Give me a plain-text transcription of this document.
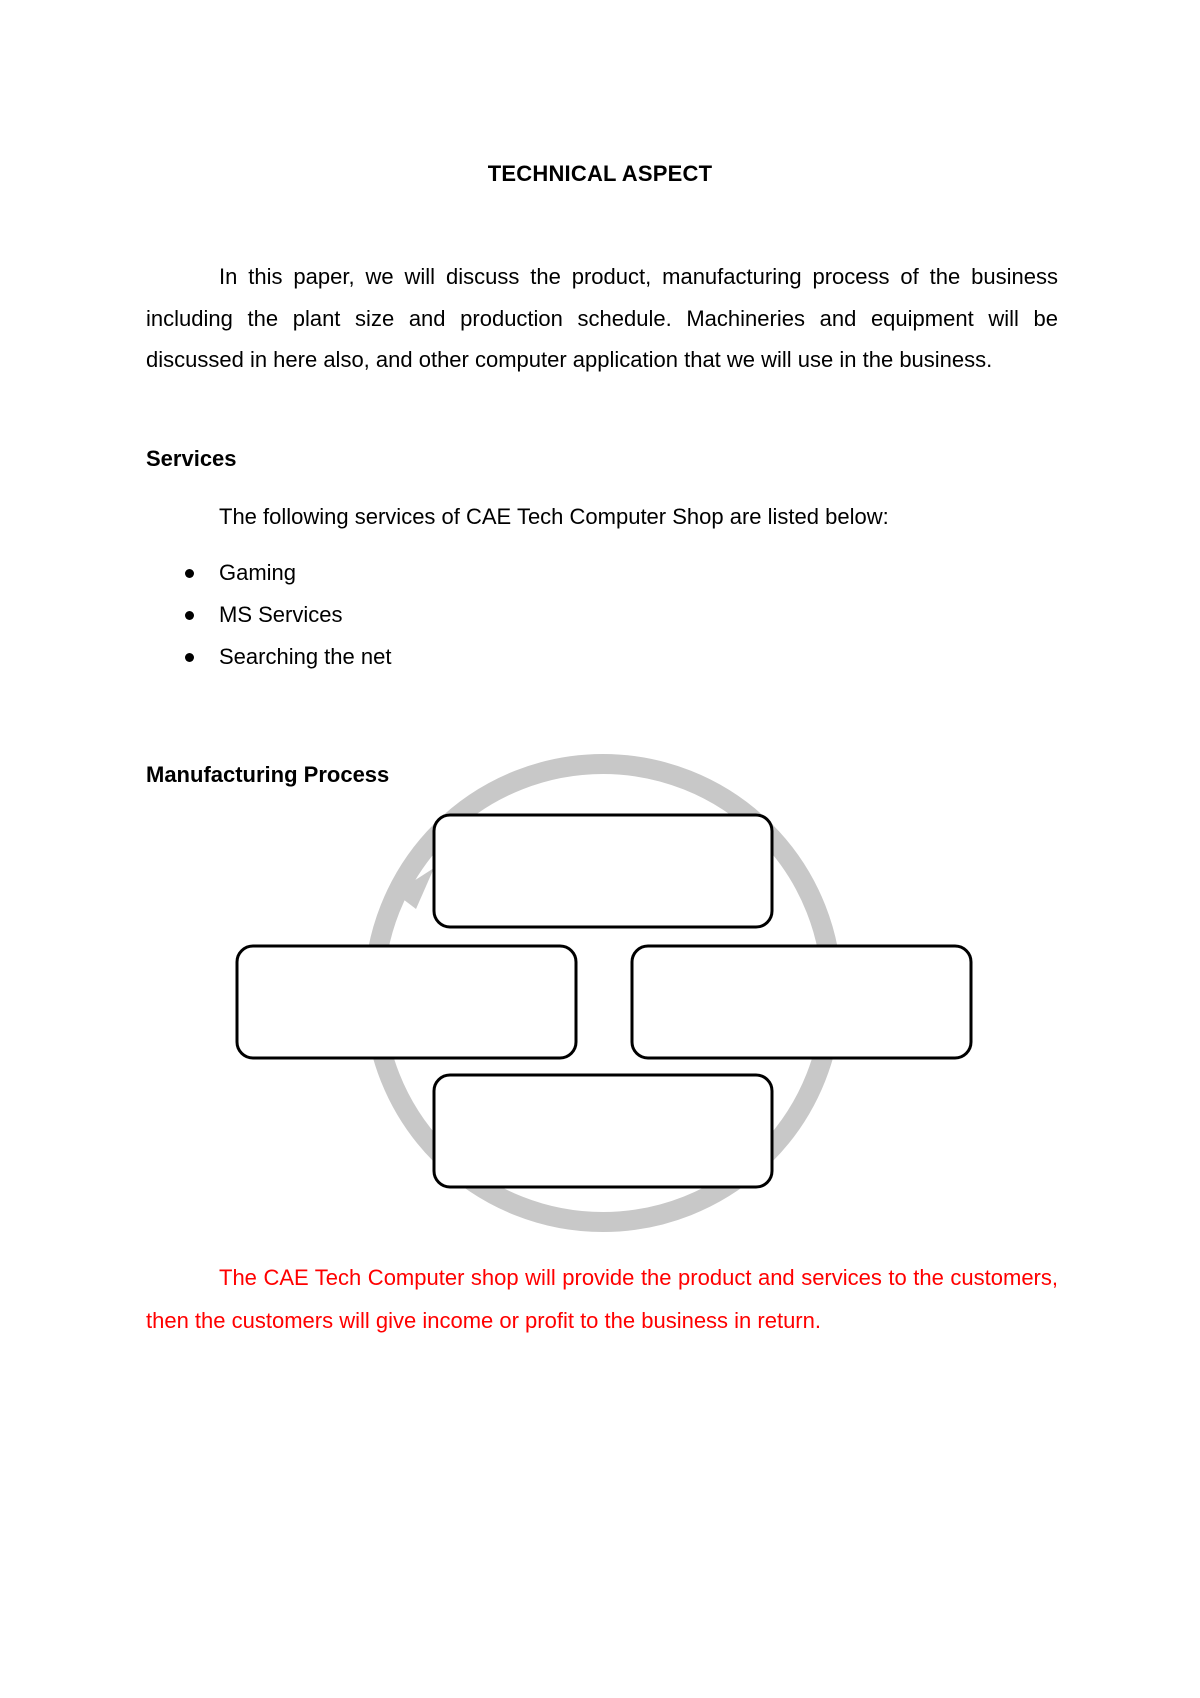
TECHNICAL ASPECT

In this paper, we will discuss the product, manufacturing process of the business including the plant size and production schedule. Machineries and equipment will be discussed in here also, and other computer application that we will use in the business.

Services

The following services of CAE Tech Computer Shop are listed below:

Gaming
MS Services
Searching the net
Manufacturing Process

The CAE Tech Computer shop will provide the product and services to the customers, then the customers will give income or profit to the business in return.
